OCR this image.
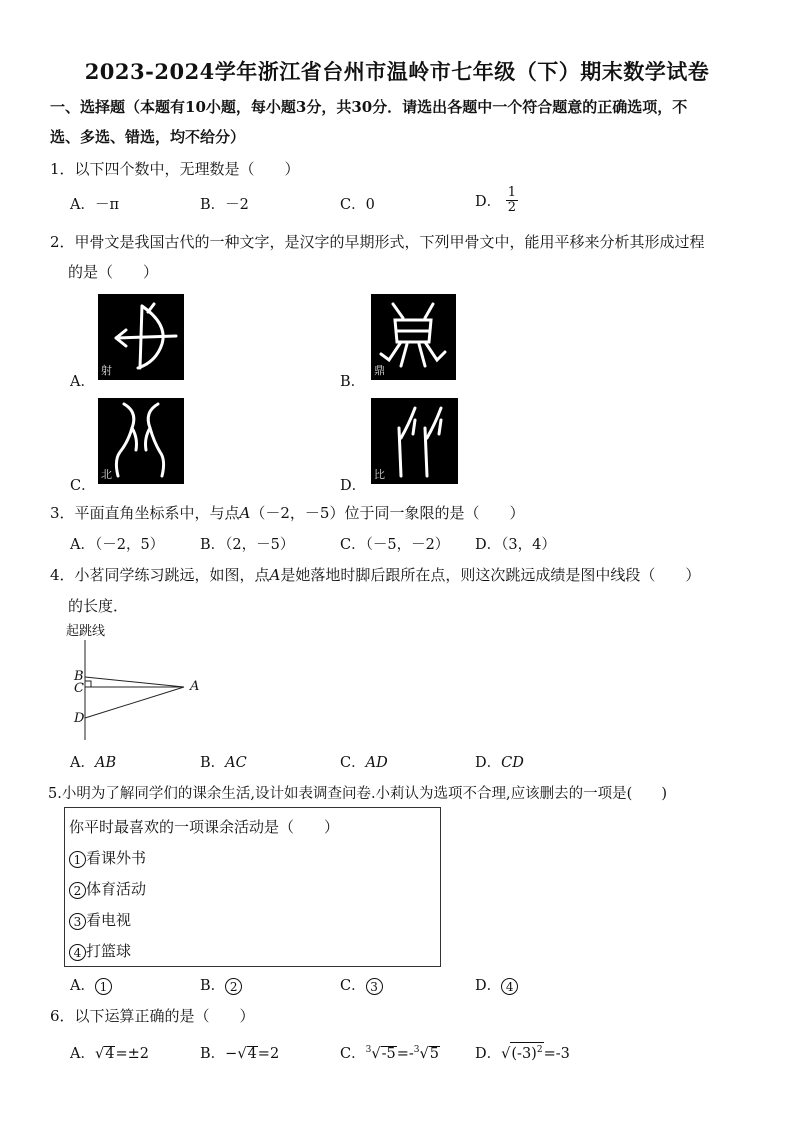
2023-2024学年浙江省台州市温岭市七年级（下）期末数学试卷
一、选择题（本题有10小题，每小题3分，共30分．请选出各题中一个符合题意的正确选项，不
选、多选、错选，均不给分）
1．以下四个数中，无理数是（　　）
A．－π	B．－2	C．0	D． $\frac{1}{2}$
2．甲骨文是我国古代的一种文字，是汉字的早期形式，下列甲骨文中，能用平移来分析其形成过程
的是（　　）
A．
射
B．
鼎
C．
北
D．
比
3．平面直角坐标系中，与点A（－2，－5）位于同一象限的是（　　）
A．（－2，5） B．（2，－5）	C．（－5，－2） D．（3，4）
4．小茗同学练习跳远，如图，点A是她落地时脚后跟所在点，则这次跳远成绩是图中线段（　　）
的长度．
起跳线
B
C
D
A
A．AB	B．AC	C．AD	D．CD
5.小明为了解同学们的课余生活,设计如表调查问卷.小莉认为选项不合理,应该删去的一项是(　　)
你平时最喜欢的一项课余活动是（　　）
1 看课外书
2 体育活动
3 看电视
4 打篮球
A． 1	B． 2	C． 3	D． 4
6．以下运算正确的是（　　）
A．√4=±2	B．−√4=2	C．$^3$√-5=-$^3$√5 D．$√(-3)^2=-3$
